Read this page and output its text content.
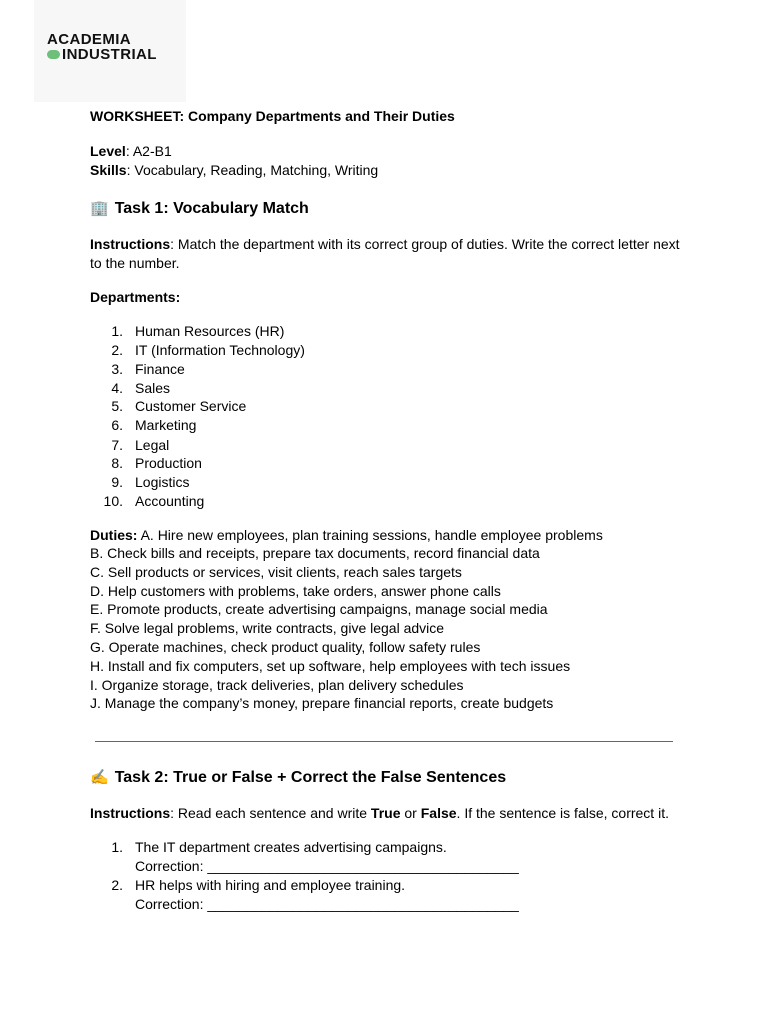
ACADEMIA
INDUSTRIAL
WORKSHEET: Company Departments and Their Duties
Level: A2-B1
Skills: Vocabulary, Reading, Matching, Writing
🏢 Task 1: Vocabulary Match
Instructions: Match the department with its correct group of duties. Write the correct letter next
to the number.
Departments:
1. Human Resources (HR)
2. IT (Information Technology)
3. Finance
4. Sales
5. Customer Service
6. Marketing
7. Legal
8. Production
9. Logistics
10. Accounting
Duties: A. Hire new employees, plan training sessions, handle employee problems
B. Check bills and receipts, prepare tax documents, record financial data
C. Sell products or services, visit clients, reach sales targets
D. Help customers with problems, take orders, answer phone calls
E. Promote products, create advertising campaigns, manage social media
F. Solve legal problems, write contracts, give legal advice
G. Operate machines, check product quality, follow safety rules
H. Install and fix computers, set up software, help employees with tech issues
I. Organize storage, track deliveries, plan delivery schedules
J. Manage the company’s money, prepare financial reports, create budgets
✍️ Task 2: True or False + Correct the False Sentences
Instructions: Read each sentence and write True or False. If the sentence is false, correct it.
1. The IT department creates advertising campaigns.
Correction: ________________________________________
2. HR helps with hiring and employee training.
Correction: ________________________________________
